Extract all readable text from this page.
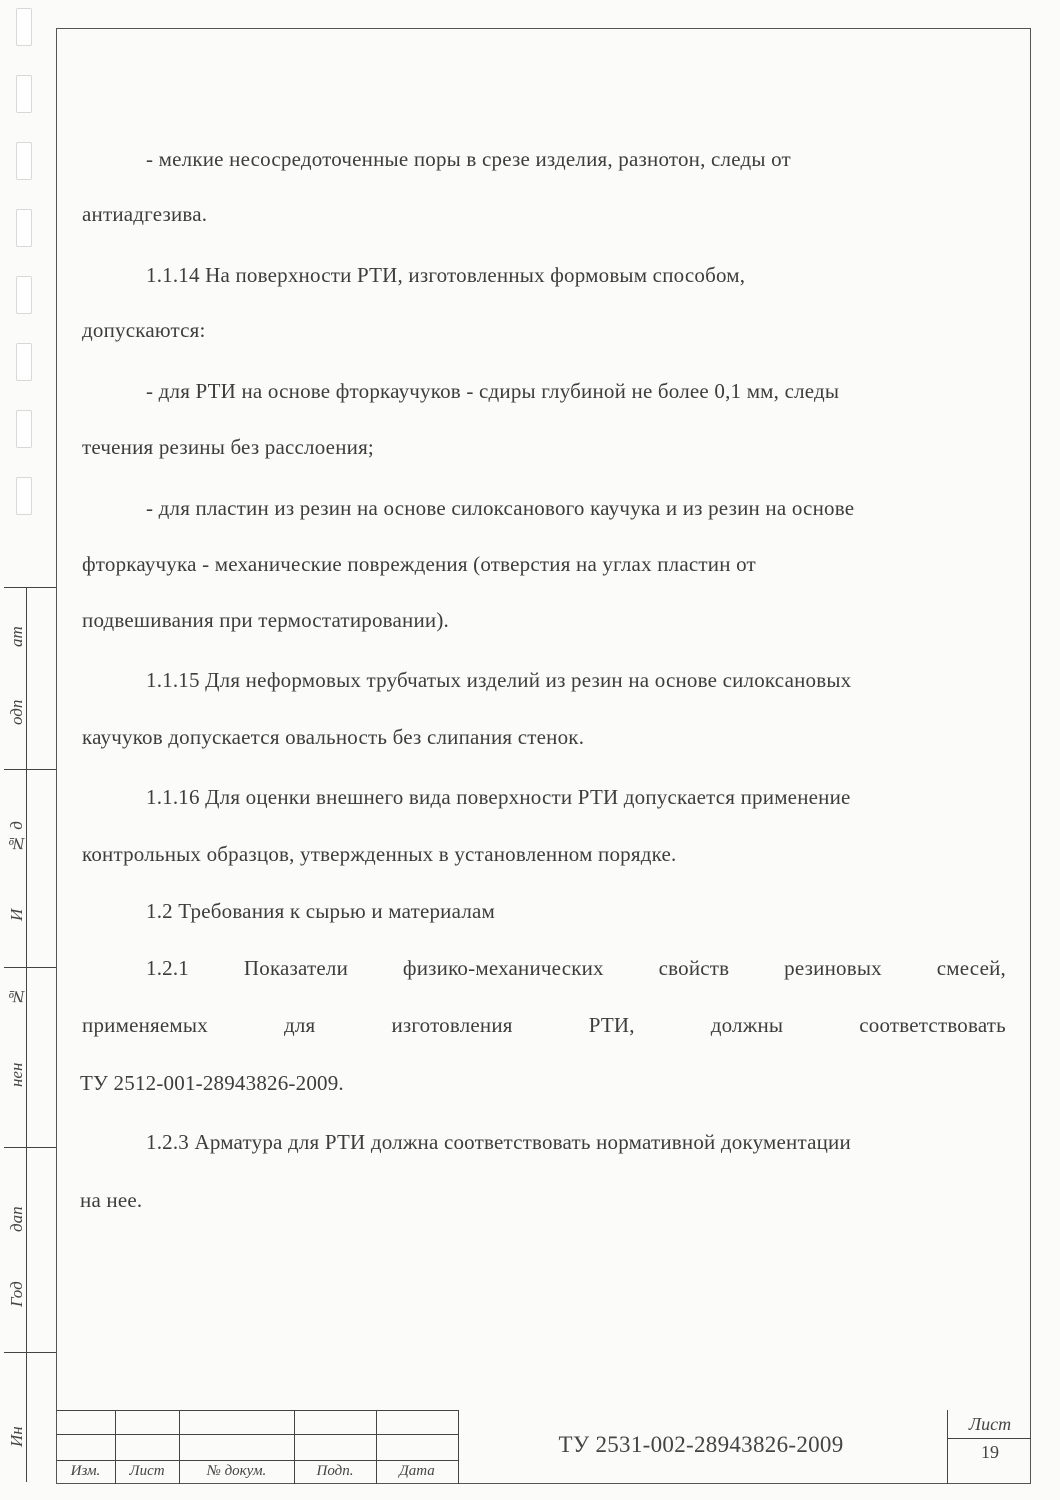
ат
одп
№ д
И
№
нен
дап
Год
Ин
- мелкие несосредоточенные поры в срезе изделия, разнотон, следы от
антиадгезива.
1.1.14 На поверхности РТИ, изготовленных формовым способом,
допускаются:
- для РТИ на основе фторкаучуков - сдиры глубиной не более 0,1 мм, следы
течения резины без расслоения;
- для пластин из резин на основе силоксанового каучука и из резин на основе
фторкаучука - механические повреждения (отверстия на углах пластин от
подвешивания при термостатировании).
1.1.15 Для неформовых трубчатых изделий из резин на основе силоксановых
каучуков допускается овальность без слипания стенок.
1.1.16 Для оценки внешнего вида поверхности РТИ допускается применение
контрольных образцов, утвержденных в установленном порядке.
1.2 Требования к сырью и материалам
1.2.1	Показатели	физико-механических	свойств	резиновых	смесей,
применяемых	для	изготовления	РТИ,	должны	соответствовать
ТУ 2512-001-28943826-2009.
1.2.3 Арматура для РТИ должна соответствовать нормативной документации
на нее.
Изм.	Лист	№ докум.	Подп.	Дата
ТУ 2531-002-28943826-2009
Лист
19
